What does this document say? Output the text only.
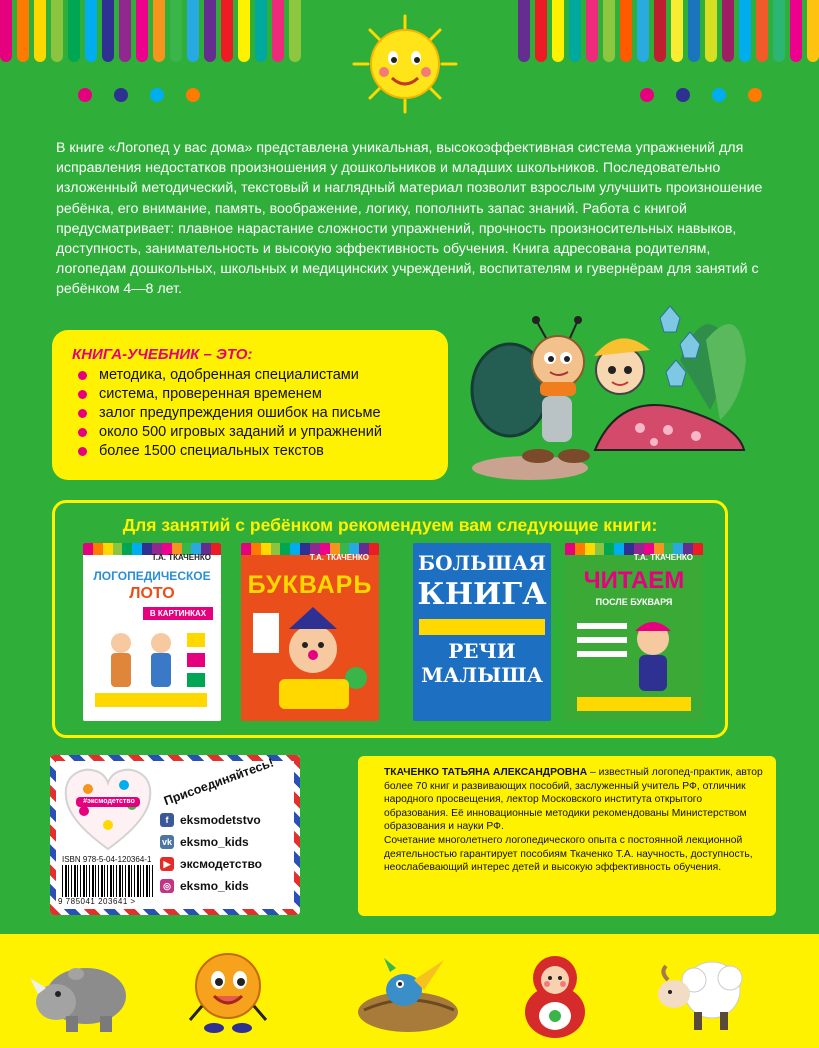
В книге «Логопед у вас дома» представлена уникальная, высокоэффективная система упражнений для исправления недостатков произношения у дошкольников и младших школьников. Последовательно изложенный методический, текстовый и наглядный материал позволит взрослым улучшить произношение ребёнка, его внимание, память, воображение, логику, пополнить запас знаний. Работа с книгой предусматривает: плавное нарастание сложности упражнений, прочность произносительных навыков, доступность, занимательность и высокую эффективность обучения. Книга адресована родителям, логопедам дошкольных, школьных и медицинских учреждений, воспитателям и гувернёрам для занятий с ребёнком 4—8 лет.

КНИГА-УЧЕБНИК – ЭТО:
методика, одобренная специалистами
система, проверенная временем
залог предупреждения ошибок на письме
около 500 игровых заданий и упражнений
более 1500 специальных текстов
Для занятий с ребёнком рекомендуем вам следующие книги:
Т.А. ТКАЧЕНКО
ЛОГОПЕДИЧЕСКОЕ
ЛОТО
В КАРТИНКАХ
Т.А. ТКАЧЕНКО
БУКВАРЬ
БОЛЬШАЯ
КНИГА
РЕЧИ МАЛЫША
Т.А. ТКАЧЕНКО
ЧИТАЕМ
ПОСЛЕ БУКВАРЯ
#эксмодетство	Присоединяйтесь!
f eksmodetstvo
vk eksmo_kids
▶ эксмодетство
◎ eksmo_kids
ISBN 978-5-04-120364-1
9 785041 203641 >

ТКАЧЕНКО ТАТЬЯНА АЛЕКСАНДРОВНА – известный логопед-практик, автор более 70 книг и развивающих пособий, заслуженный учитель РФ, отличник народного просвещения, лектор Московского института открытого образования. Её инновационные методики рекомендованы Министерством образования и науки РФ.

Сочетание многолетнего логопедического опыта с постоянной лекционной деятельностью гарантирует пособиям Ткаченко Т.А. научность, доступность, неослабевающий интерес детей и высокую эффективность обучения.
